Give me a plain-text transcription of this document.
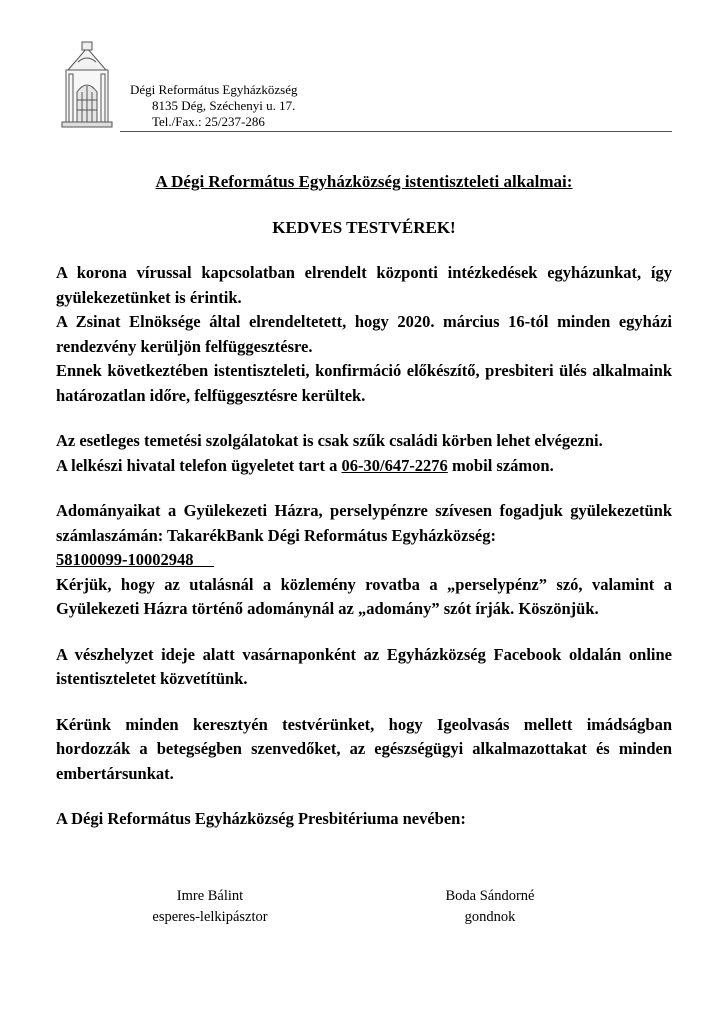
Dégi Református Egyházközség
8135 Dég, Széchenyi u. 17.
Tel./Fax.: 25/237-286

A Dégi Református Egyházközség istentiszteleti alkalmai:

KEDVES TESTVÉREK!

A korona vírussal kapcsolatban elrendelt központi intézkedések egyházunkat, így gyülekezetünket is érintik.

A Zsinat Elnöksége által elrendeltetett, hogy 2020. március 16-tól minden egyházi rendezvény kerüljön felfüggesztésre.

Ennek következtében istentiszteleti, konfirmáció előkészítő, presbiteri ülés alkalmaink határozatlan időre, felfüggesztésre kerültek.

Az esetleges temetési szolgálatokat is csak szűk családi körben lehet elvégezni.

A lelkészi hivatal telefon ügyeletet tart a 06-30/647-2276 mobil számon.

Adományaikat a Gyülekezeti Házra, perselypénzre szívesen fogadjuk gyülekezetünk számlaszámán: TakarékBank Dégi Református Egyházközség:

58100099-10002948

Kérjük, hogy az utalásnál a közlemény rovatba a „perselypénz” szó, valamint a Gyülekezeti Házra történő adománynál az „adomány” szót írják. Köszönjük.

A vészhelyzet ideje alatt vasárnaponként az Egyházközség Facebook oldalán online istentiszteletet közvetítünk.

Kérünk minden keresztyén testvérünket, hogy Igeolvasás mellett imádságban hordozzák a betegségben szenvedőket, az egészségügyi alkalmazottakat és minden embertársunkat.

A Dégi Református Egyházközség Presbitériuma nevében:

Imre Bálint
esperes-lelkipásztor
Boda Sándorné
gondnok
